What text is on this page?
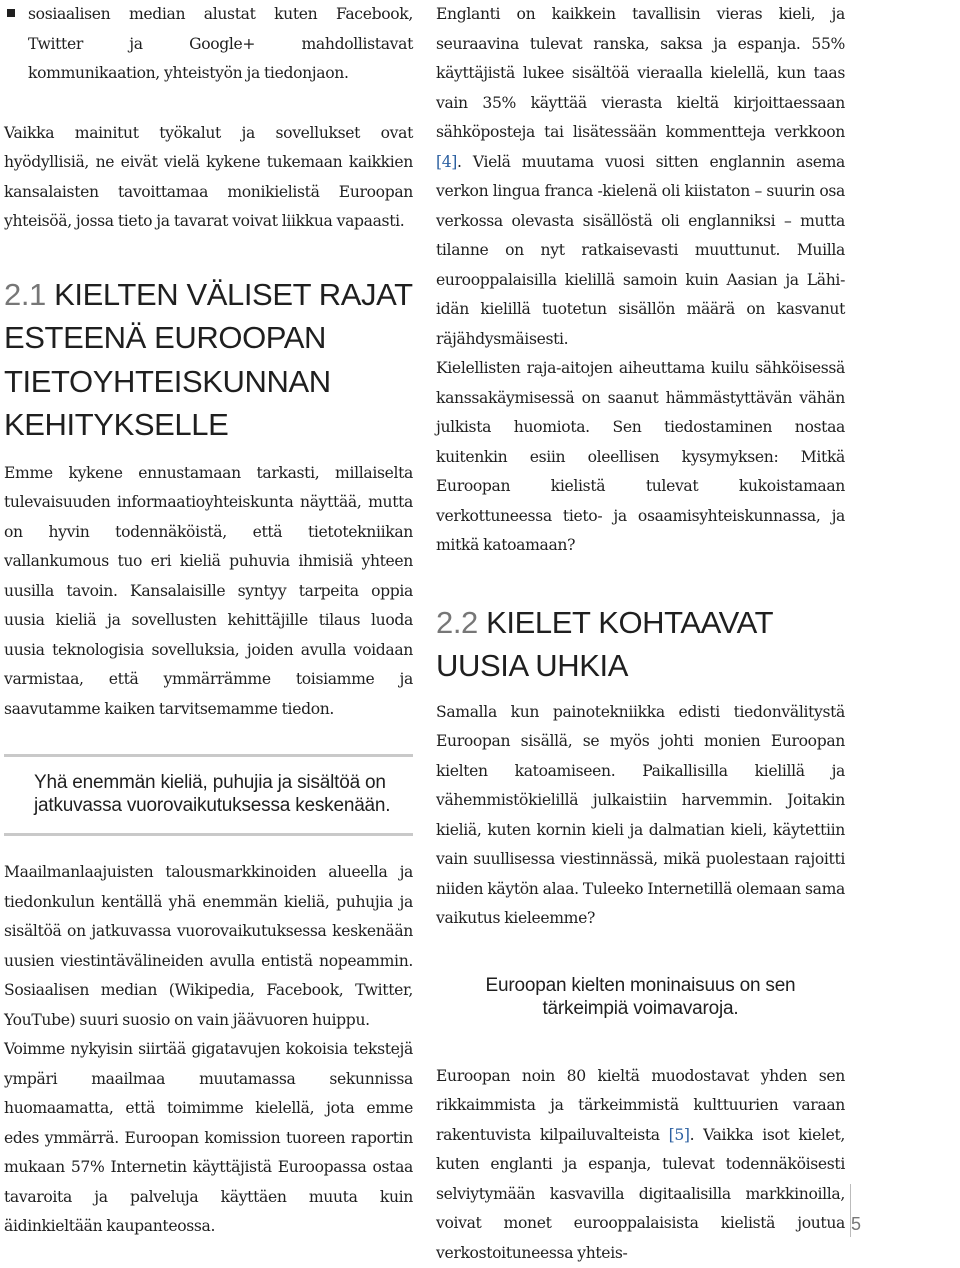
sosiaalisen median alustat kuten Facebook, Twitter ja Google+ mahdollistavat kommunikaation, yhteistyön ja tiedonjaon.

Vaikka mainitut työkalut ja sovellukset ovat hyödyllisiä, ne eivät vielä kykene tukemaan kaikkien kansalaisten tavoittamaa monikielistä Euroopan yhteisöä, jossa tieto ja tavarat voivat liikkua vapaasti.

2.1 KIELTEN VÄLISET RAJAT ESTEENÄ EUROOPAN TIETOYHTEISKUNNAN KEHITYKSELLE

Emme kykene ennustamaan tarkasti, millaiselta tulevaisuuden informaatioyhteiskunta näyttää, mutta on hyvin todennäköistä, että tietotekniikan vallankumous tuo eri kieliä puhuvia ihmisiä yhteen uusilla tavoin. Kansalaisille syntyy tarpeita oppia uusia kieliä ja sovellusten kehittäjille tilaus luoda uusia teknologisia sovelluksia, joiden avulla voidaan varmistaa, että ymmärrämme toisiamme ja saavutamme kaiken tarvitsemamme tiedon.

Yhä enemmän kieliä, puhujia ja sisältöä on jatkuvassa vuorovaikutuksessa keskenään.

Maailmanlaajuisten talousmarkkinoiden alueella ja tiedonkulun kentällä yhä enemmän kieliä, puhujia ja sisältöä on jatkuvassa vuorovaikutuksessa keskenään uusien viestintävälineiden avulla entistä nopeammin. Sosiaalisen median (Wikipedia, Facebook, Twitter, YouTube) suuri suosio on vain jäävuoren huippu.

Voimme nykyisin siirtää gigatavujen kokoisia tekstejä ympäri maailmaa muutamassa sekunnissa huomaamatta, että toimimme kielellä, jota emme edes ymmärrä. Euroopan komission tuoreen raportin mukaan 57% Internetin käyttäjistä Euroopassa ostaa tavaroita ja palveluja käyttäen muuta kuin äidinkieltään kaupanteossa.

Englanti on kaikkein tavallisin vieras kieli, ja seuraavina tulevat ranska, saksa ja espanja. 55% käyttäjistä lukee sisältöä vieraalla kielellä, kun taas vain 35% käyttää vierasta kieltä kirjoittaessaan sähköposteja tai lisätessään kommentteja verkkoon [4]. Vielä muutama vuosi sitten englannin asema verkon lingua franca -kielenä oli kiistaton – suurin osa verkossa olevasta sisällöstä oli englanniksi – mutta tilanne on nyt ratkaisevasti muuttunut. Muilla eurooppalaisilla kielillä samoin kuin Aasian ja Lähi-idän kielillä tuotetun sisällön määrä on kasvanut räjähdysmäisesti.

Kielellisten raja-aitojen aiheuttama kuilu sähköisessä kanssakäymisessä on saanut hämmästyttävän vähän julkista huomiota. Sen tiedostaminen nostaa kuitenkin esiin oleellisen kysymyksen: Mitkä Euroopan kielistä tulevat kukoistamaan verkottuneessa tieto- ja osaamisyhteiskunnassa, ja mitkä katoamaan?

2.2 KIELET KOHTAAVAT UUSIA UHKIA

Samalla kun painotekniikka edisti tiedonvälitystä Euroopan sisällä, se myös johti monien Euroopan kielten katoamiseen. Paikallisilla kielillä ja vähemmistökielillä julkaistiin harvemmin. Joitakin kieliä, kuten kornin kieli ja dalmatian kieli, käytettiin vain suullisessa viestinnässä, mikä puolestaan rajoitti niiden käytön alaa. Tuleeko Internetillä olemaan sama vaikutus kieleemme?

Euroopan kielten moninaisuus on sen tärkeimpiä voimavaroja.

Euroopan noin 80 kieltä muodostavat yhden sen rikkaimmista ja tärkeimmistä kulttuurien varaan rakentuvista kilpailuvalteista [5]. Vaikka isot kielet, kuten englanti ja espanja, tulevat todennäköisesti selviytymään kasvavilla digitaalisilla markkinoilla, voivat monet eurooppalaisista kielistä joutua verkostoituneessa yhteis-

5
